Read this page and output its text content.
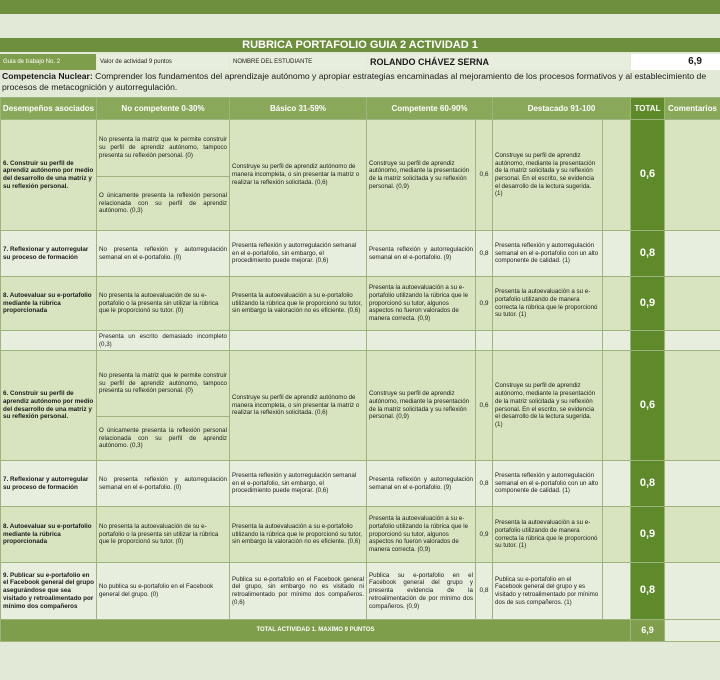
RUBRICA PORTAFOLIO GUIA 2 ACTIVIDAD 1
Guia de trabajo No. 2	Valor de actividad 9 puntos	NOMBRE DEL ESTUDIANTE	ROLANDO CHÁVEZ SERNA	6,9
Competencia Nuclear: Comprender los fundamentos del aprendizaje autónomo y apropiar estrategias encaminadas al mejoramiento de los procesos formativos y al establecimiento de procesos de metacognición y autorregulación.
Desempeños asociados	No competente 0-30%	Básico 31-59%	Competente 60-90%		Destacado 91-100		TOTAL	Comentarios
6. Construir su perfil de aprendiz autónomo por medio del desarrollo de una matriz y su reflexión personal.	No presenta la matriz que le permite construir su perfil de aprendiz autónomo, tampoco presenta su reflexión personal. (0)	Construye su perfil de aprendiz autónomo de manera incompleta, o sin presentar la matriz o realizar la reflexión solicitada. (0,6)	Construye su perfil de aprendiz autónomo, mediante la presentación de la matriz solicitada y su reflexión personal. (0,9)	0,6	Construye su perfil de aprendiz autónomo, mediante la presentación de la matriz solicitada y su reflexión personal. En el escrito, se evidencia el desarrollo de la lectura sugerida. (1)		0,6	
	O únicamente presenta la reflexión personal relacionada con su perfil de aprendiz autónomo. (0,3)							
7. Reflexionar y autorregular su proceso de formación	No presenta reflexión y autorregulación semanal en el e-portafolio. (0)	Presenta reflexión y autorregulación semanal en el e-portafolio, sin embargo, el procedimiento puede mejorar. (0,6)	Presenta reflexión y autorregulación semanal en el e-portafolio. (9)	0,8	Presenta reflexión y autorregulación semanal en el e-portafolio con un alto componente de calidad. (1)		0,8	
8. Autoevaluar su e-portafolio mediante la rúbrica proporcionada	No presenta la autoevaluación de su e-portafolio o la presenta sin utilizar la rúbrica que le proporcionó su tutor. (0)	Presenta la autoevaluación a su e-portafolio utilizando la rúbrica que le proporcionó su tutor, sin embargo la valoración no es eficiente. (0,6)	Presenta la autoevaluación a su e-portafolio utilizando la rúbrica que le proporcionó su tutor, algunos aspectos no fueron valorados de manera correcta. (0,9)	0,9	Presenta la autoevaluación a su e-portafolio utilizando de manera correcta la rúbrica que le proporcionó su tutor. (1)		0,9	
	Presenta un escrito demasiado incompleto (0,3)							
6. Construir su perfil de aprendiz autónomo por medio del desarrollo de una matriz y su reflexión personal.	No presenta la matriz que le permite construir su perfil de aprendiz autónomo, tampoco presenta su reflexión personal. (0)	Construye su perfil de aprendiz autónomo de manera incompleta, o sin presentar la matriz o realizar la reflexión solicitada. (0,6)	Construye su perfil de aprendiz autónomo, mediante la presentación de la matriz solicitada y su reflexión personal. (0,9)	0,6	Construye su perfil de aprendiz autónomo, mediante la presentación de la matriz solicitada y su reflexión personal. En el escrito, se evidencia el desarrollo de la lectura sugerida. (1)		0,6	
	O únicamente presenta la reflexión personal relacionada con su perfil de aprendiz autónomo. (0,3)							
7. Reflexionar y autorregular su proceso de formación	No presenta reflexión y autorregulación semanal en el e-portafolio. (0)	Presenta reflexión y autorregulación semanal en el e-portafolio, sin embargo, el procedimiento puede mejorar. (0,6)	Presenta reflexión y autorregulación semanal en el e-portafolio. (9)	0,8	Presenta reflexión y autorregulación semanal en el e-portafolio con un alto componente de calidad. (1)		0,8	
8. Autoevaluar su e-portafolio mediante la rúbrica proporcionada	No presenta la autoevaluación de su e-portafolio o la presenta sin utilizar la rúbrica que le proporcionó su tutor. (0)	Presenta la autoevaluación a su e-portafolio utilizando la rúbrica que le proporcionó su tutor, sin embargo la valoración no es eficiente. (0,6)	Presenta la autoevaluación a su e-portafolio utilizando la rúbrica que le proporcionó su tutor, algunos aspectos no fueron valorados de manera correcta. (0,9)	0,9	Presenta la autoevaluación a su e-portafolio utilizando de manera correcta la rúbrica que le proporcionó su tutor. (1)		0,9	
9. Publicar su e-portafolio en el Facebook general del grupo asegurándose que sea visitado y retroalimentado por mínimo dos compañeros	No publica su e-portafolio en el Facebook general del grupo. (0)	Publica su e-portafolio en el Facebook general del grupo, sin embargo no es visitado ni retroalimentado por mínimo dos compañeros. (0,6)	Publica su e-portafolio en el Facebook general del grupo y presenta evidencia de la retroalimentación de por mínimo dos compañeros. (0,9)	0,8	Publica su e-portafolio en el Facebook general del grupo y es visitado y retroalimentado por mínimo dos de sus compañeros. (1)		0,8	
TOTAL ACTIVIDAD 1. MAXIMO 9 PUNTOS							6,9	
